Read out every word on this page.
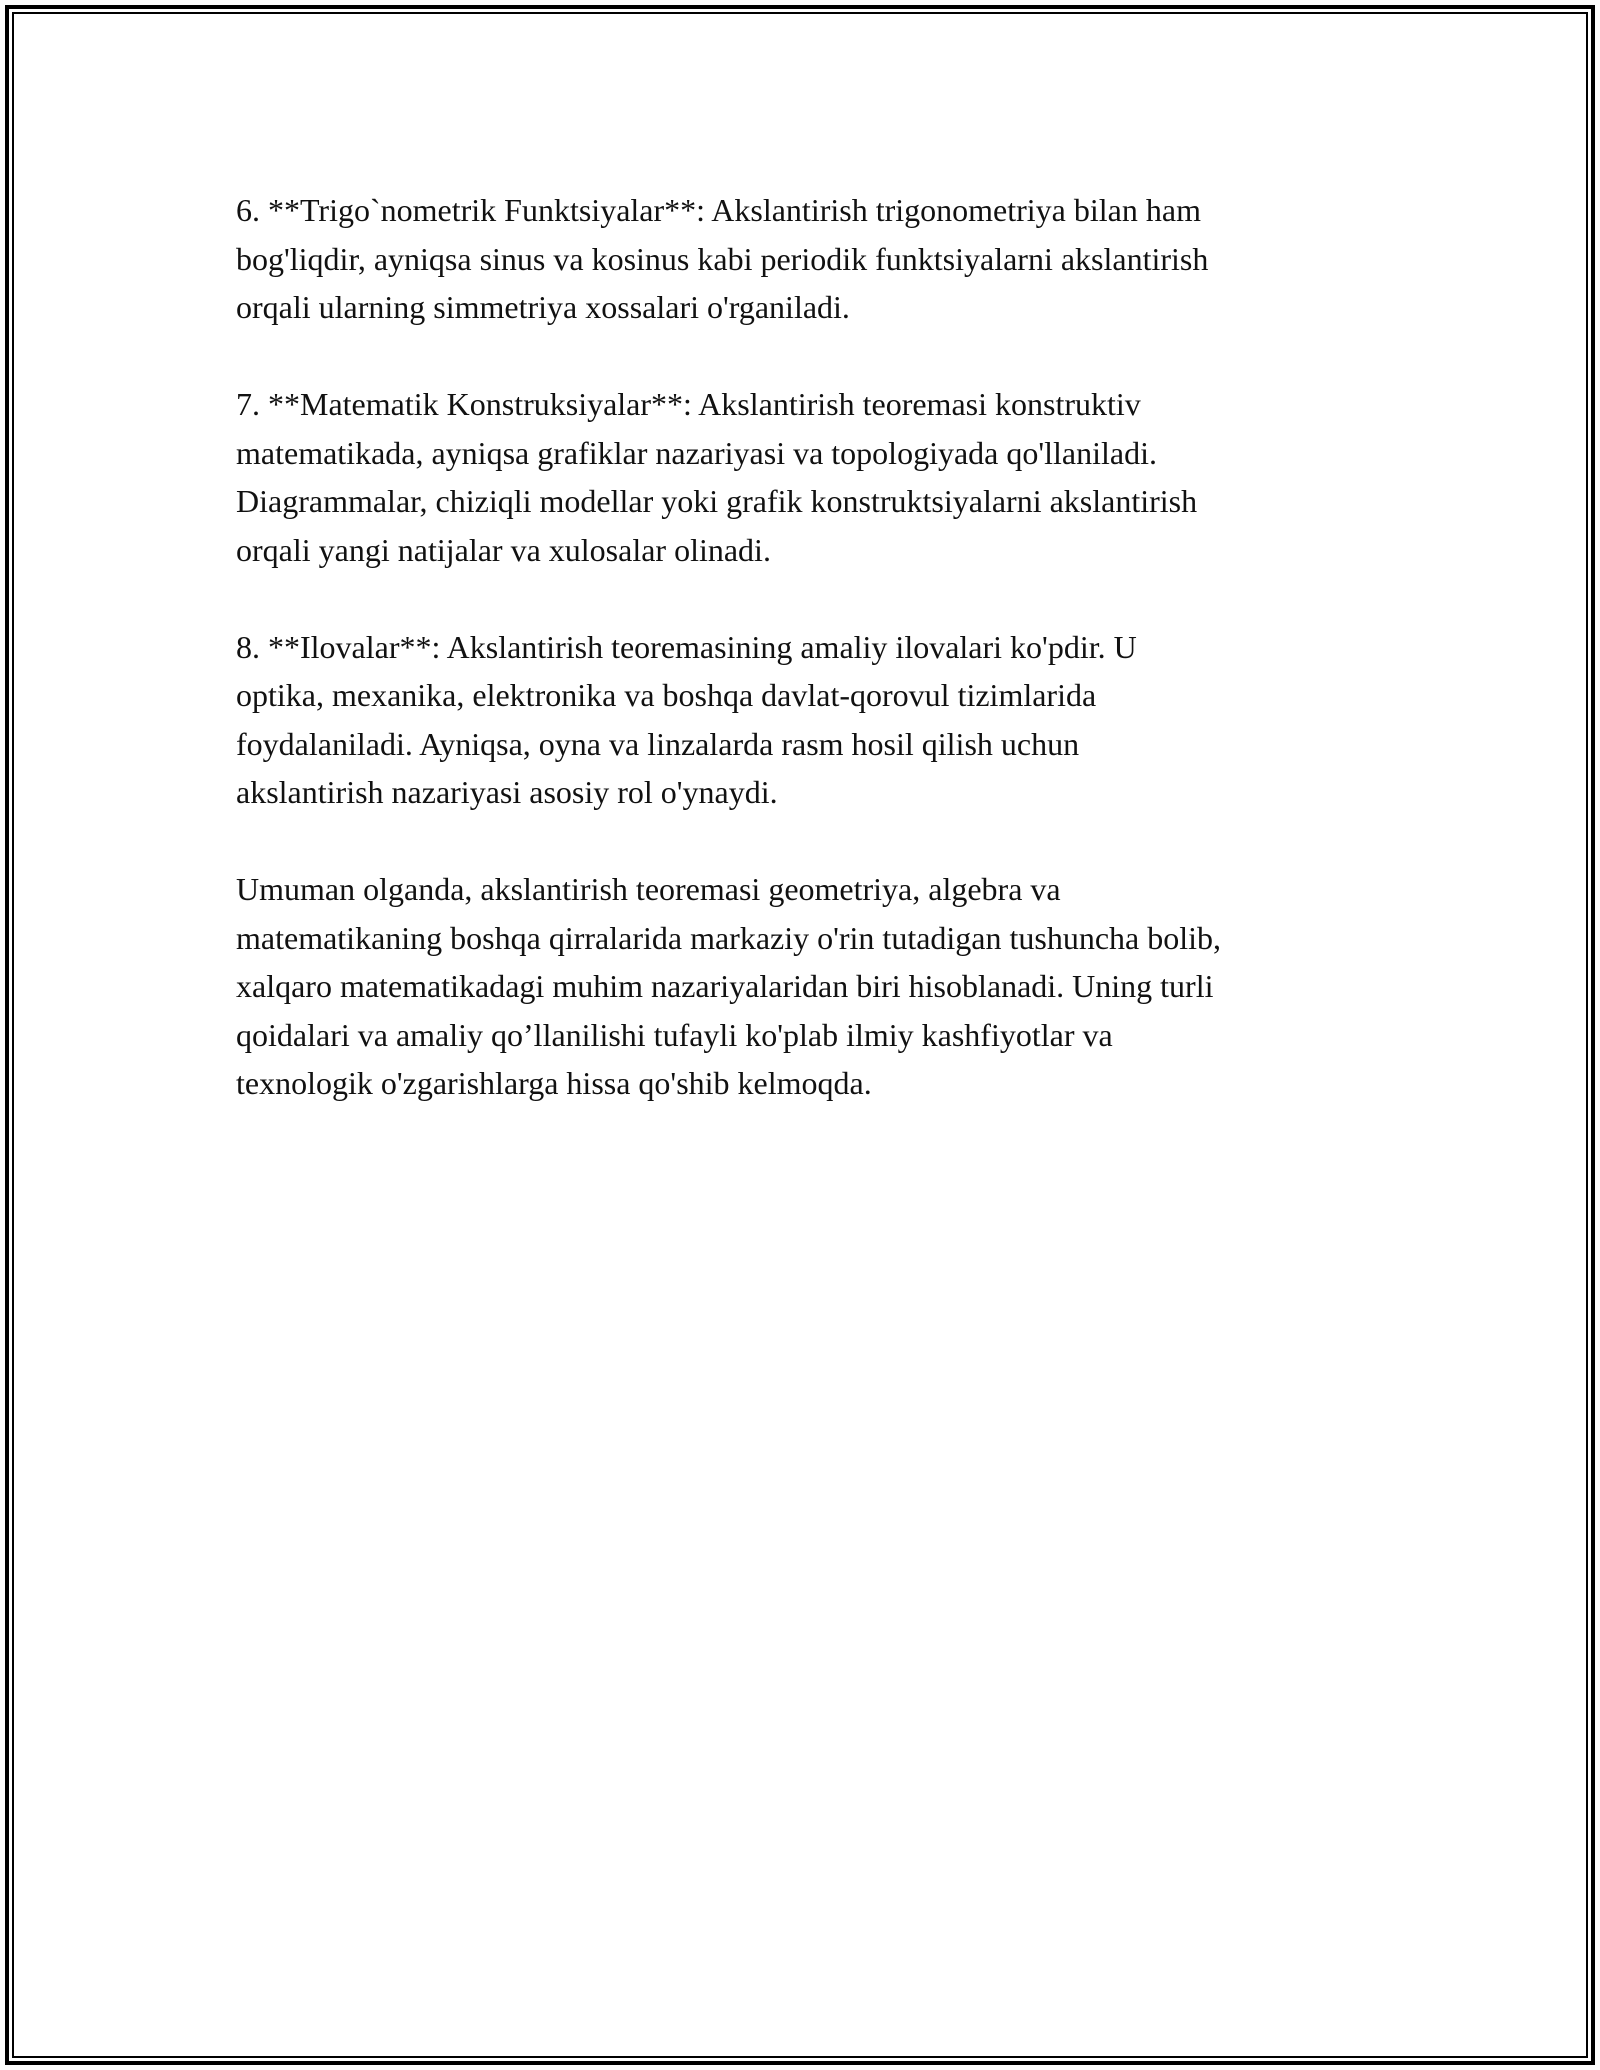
6. **Trigo`nometrik Funktsiyalar**: Akslantirish trigonometriya bilan ham
bog'liqdir, ayniqsa sinus va kosinus kabi periodik funktsiyalarni akslantirish
orqali ularning simmetriya xossalari o'rganiladi.

7. **Matematik Konstruksiyalar**: Akslantirish teoremasi konstruktiv
matematikada, ayniqsa grafiklar nazariyasi va topologiyada qo'llaniladi.
Diagrammalar, chiziqli modellar yoki grafik konstruktsiyalarni akslantirish
orqali yangi natijalar va xulosalar olinadi.

8. **Ilovalar**: Akslantirish teoremasining amaliy ilovalari ko'pdir. U
optika, mexanika, elektronika va boshqa davlat-qorovul tizimlarida
foydalaniladi. Ayniqsa, oyna va linzalarda rasm hosil qilish uchun
akslantirish nazariyasi asosiy rol o'ynaydi.

Umuman olganda, akslantirish teoremasi geometriya, algebra va
matematikaning boshqa qirralarida markaziy o'rin tutadigan tushuncha bolib,
xalqaro matematikadagi muhim nazariyalaridan biri hisoblanadi. Uning turli
qoidalari va amaliy qo’llanilishi tufayli ko'plab ilmiy kashfiyotlar va
texnologik o'zgarishlarga hissa qo'shib kelmoqda.
